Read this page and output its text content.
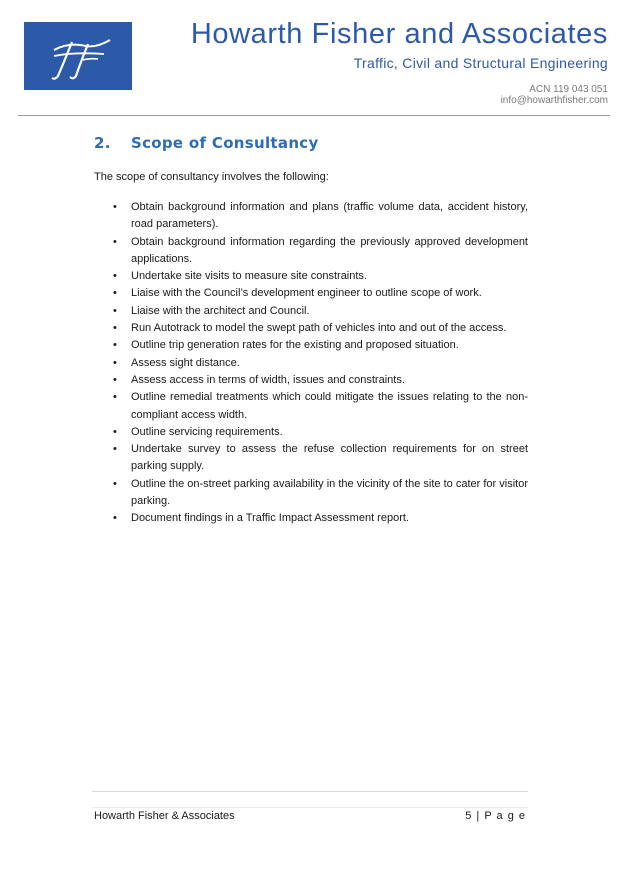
Howarth Fisher and Associates
Traffic, Civil and Structural Engineering
ACN 119 043 051
info@howarthfisher.com
2. Scope of Consultancy
The scope of consultancy involves the following:
• Obtain background information and plans (traffic volume data, accident history, road parameters).
• Obtain background information regarding the previously approved development applications.
• Undertake site visits to measure site constraints.
• Liaise with the Council’s development engineer to outline scope of work.
• Liaise with the architect and Council.
• Run Autotrack to model the swept path of vehicles into and out of the access.
• Outline trip generation rates for the existing and proposed situation.
• Assess sight distance.
• Assess access in terms of width, issues and constraints.
• Outline remedial treatments which could mitigate the issues relating to the non-compliant access width.
• Outline servicing requirements.
• Undertake survey to assess the refuse collection requirements for on street parking supply.
• Outline the on-street parking availability in the vicinity of the site to cater for visitor parking.
• Document findings in a Traffic Impact Assessment report.
Howarth Fisher & Associates	5 | P a g e
